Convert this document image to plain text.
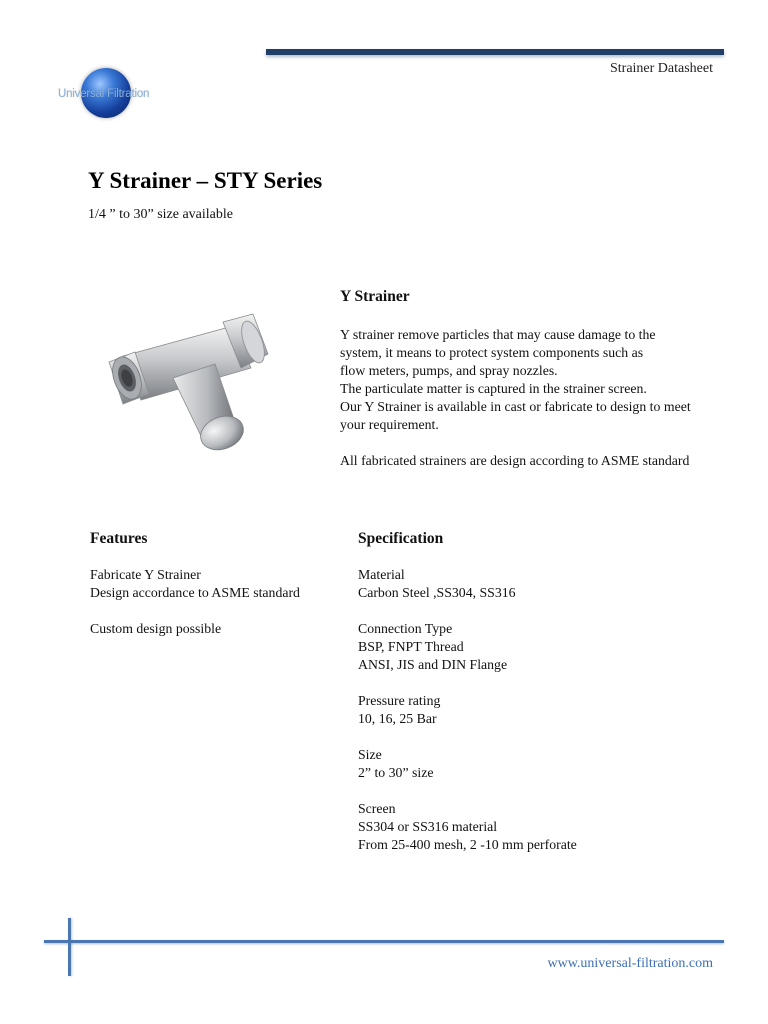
Strainer Datasheet
Universal Filtration
Y Strainer – STY Series
1/4 ” to 30” size available
Y Strainer

Y strainer remove particles that may cause damage to the
system, it means to protect system components such as
flow meters, pumps, and spray nozzles.
The particulate matter is captured in the strainer screen.
Our Y Strainer is available in cast or fabricate to design to meet
your requirement.

All fabricated strainers are design according to ASME standard

Features
Fabricate Y Strainer
Design accordance to ASME standard
Custom design possible
Specification
Material
Carbon Steel ,SS304, SS316
Connection Type
BSP, FNPT Thread
ANSI, JIS and DIN Flange
Pressure rating
10, 16, 25 Bar
Size
2” to 30” size
Screen
SS304 or SS316 material
From 25-400 mesh, 2 -10 mm perforate
www.universal-filtration.com
